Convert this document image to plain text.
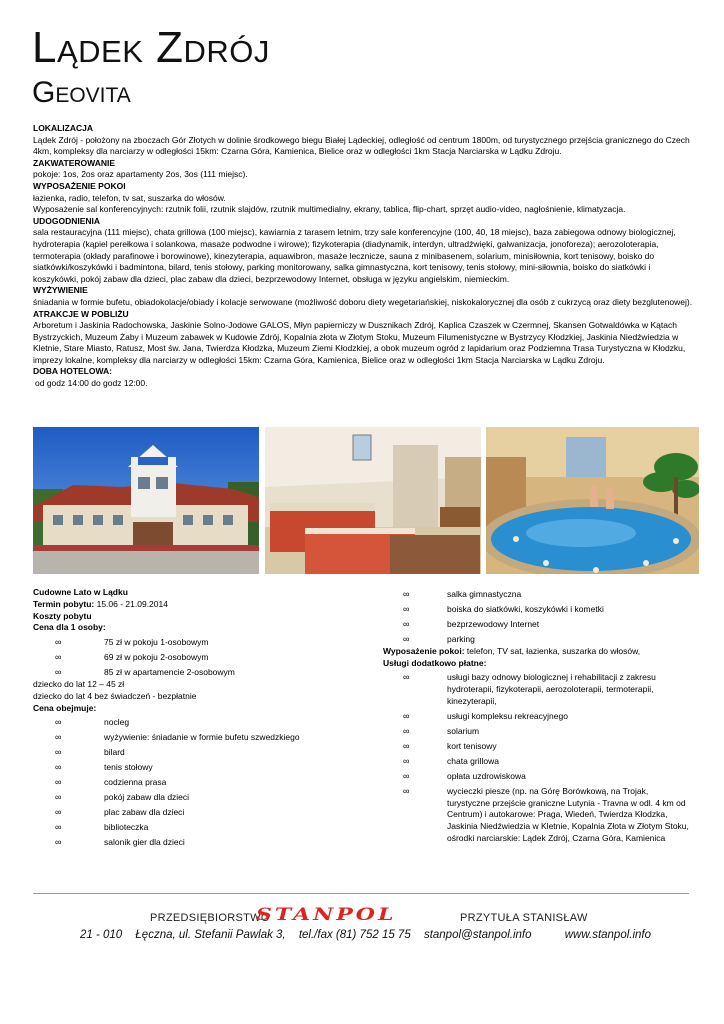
Lądek Zdrój
Geovita

LOKALIZACJA

Lądek Zdrój - położony na zboczach Gór Złotych w dolinie środkowego biegu Białej Lądeckiej, odległość od centrum 1800m, od turystycznego przejścia granicznego do Czech 4km, kompleksy dla narciarzy w odległości 15km: Czarna Góra, Kamienica, Bielice oraz w odległości 1km Stacja Narciarska w Lądku Zdroju.

ZAKWATEROWANIE

pokoje: 1os, 2os oraz apartamenty 2os, 3os (111 miejsc).

WYPOSAŻENIE POKOI

łazienka, radio, telefon, tv sat, suszarka do włosów.

Wyposażenie sal konferencyjnych: rzutnik folii, rzutnik slajdów, rzutnik multimedialny, ekrany, tablica, flip-chart, sprzęt audio-video, nagłośnienie, klimatyzacja.

UDOGODNIENIA

sala restauracyjna (111 miejsc), chata grillowa (100 miejsc), kawiarnia z tarasem letnim, trzy sale konferencyjne (100, 40, 18 miejsc), baza zabiegowa odnowy biologicznej, hydroterapia (kąpiel perełkowa i solankowa, masaże podwodne i wirowe); fizykoterapia (diadynamik, interdyn, ultradźwięki, galwanizacja, jonoforeza); aerozoloterapia, termoterapia (okłady parafinowe i borowinowe), kinezyterapia, aquawibron, masaże lecznicze, sauna z minibasenem, solarium, minisiłownia, kort tenisowy, boisko do siatkówki/koszykówki i badmintona, bilard, tenis stołowy, parking monitorowany, salka gimnastyczna, kort tenisowy, tenis stołowy, mini-siłownia, boisko do siatkówki i koszykówki, pokój zabaw dla dzieci, plac zabaw dla dzieci, bezprzewodowy Internet, obsługa w języku angielskim, niemieckim.

WYŻYWIENIE

śniadania w formie bufetu, obiadokolacje/obiady i kolacje serwowane (możliwość doboru diety wegetariańskiej, niskokalorycznej dla osób z cukrzycą oraz diety bezglutenowej).

ATRAKCJE W POBLIŻU

Arboretum i Jaskinia Radochowska, Jaskinie Solno-Jodowe GALOS, Młyn papierniczy w Dusznikach Zdrój, Kaplica Czaszek w Czermnej, Skansen Gotwaldówka w Kątach Bystrzyckich, Muzeum Żaby i Muzeum zabawek w Kudowie Zdrój, Kopalnia złota w Złotym Stoku, Muzeum Filumenistyczne w Bystrzycy Kłodzkiej, Jaskinia Niedźwiedzia w Kletnie, Stare Miasto, Ratusz, Most św. Jana, Twierdza Kłodzka, Muzeum Ziemi Kłodzkiej, a obok muzeum ogród z lapidarium oraz Podziemna Trasa Turystyczna w Kłodzku, imprezy lokalne, kompleksy dla narciarzy w odległości 15km: Czarna Góra, Kamienica, Bielice oraz w odległości 1km Stacja Narciarska w Lądku Zdroju.

DOBA HOTELOWA:

od godz 14:00 do godz 12:00.

Cudowne Lato w Lądku

Termin pobytu: 15.06 - 21.09.2014

Koszty pobytu

Cena dla 1 osoby:

∞	75 zł w pokoju 1-osobowym
∞	69 zł w pokoju 2-osobowym
∞	85 zł w apartamencie 2-osobowym

dziecko do lat 12 – 45 zł

dziecko do lat 4 bez świadczeń - bezpłatnie

Cena obejmuje:

∞	nocleg
∞	wyżywienie: śniadanie w formie bufetu szwedzkiego
∞	bilard
∞	tenis stołowy
∞	codzienna prasa
∞	pokój zabaw dla dzieci
∞	plac zabaw dla dzieci
∞	biblioteczka
∞	salonik gier dla dzieci
∞	salka gimnastyczna
∞	boiska do siatkówki, koszykówki i kometki
∞	bezprzewodowy Internet
∞	parking

Wyposażenie pokoi: telefon, TV sat, łazienka, suszarka do włosów,

Usługi dodatkowo płatne:

∞	usługi bazy odnowy biologicznej i rehabilitacji z zakresu hydroterapii, fizykoterapii, aerozoloterapii, termoterapii, kinezyterapii,
∞	usługi kompleksu rekreacyjnego
∞	solarium
∞	kort tenisowy
∞	chata grillowa
∞	opłata uzdrowiskowa
∞	wycieczki piesze (np. na Górę Borówkową, na Trojak, turystyczne przejście graniczne Lutynia - Travna w odl. 4 km od Centrum) i autokarowe: Praga, Wiedeń, Twierdza Kłodzka, Jaskinia Niedźwiedzia w Kletnie, Kopalnia Złota w Złotym Stoku, ośrodki narciarskie: Lądek Zdrój, Czarna Góra, Kamienica
PRZEDSIĘBIORSTWO
STANPOL	PRZYTUŁA STANISŁAW
21 - 010 Łęczna, ul. Stefanii Pawlak 3, tel./fax (81) 752 15 75 stanpol@stanpol.info	www.stanpol.info
